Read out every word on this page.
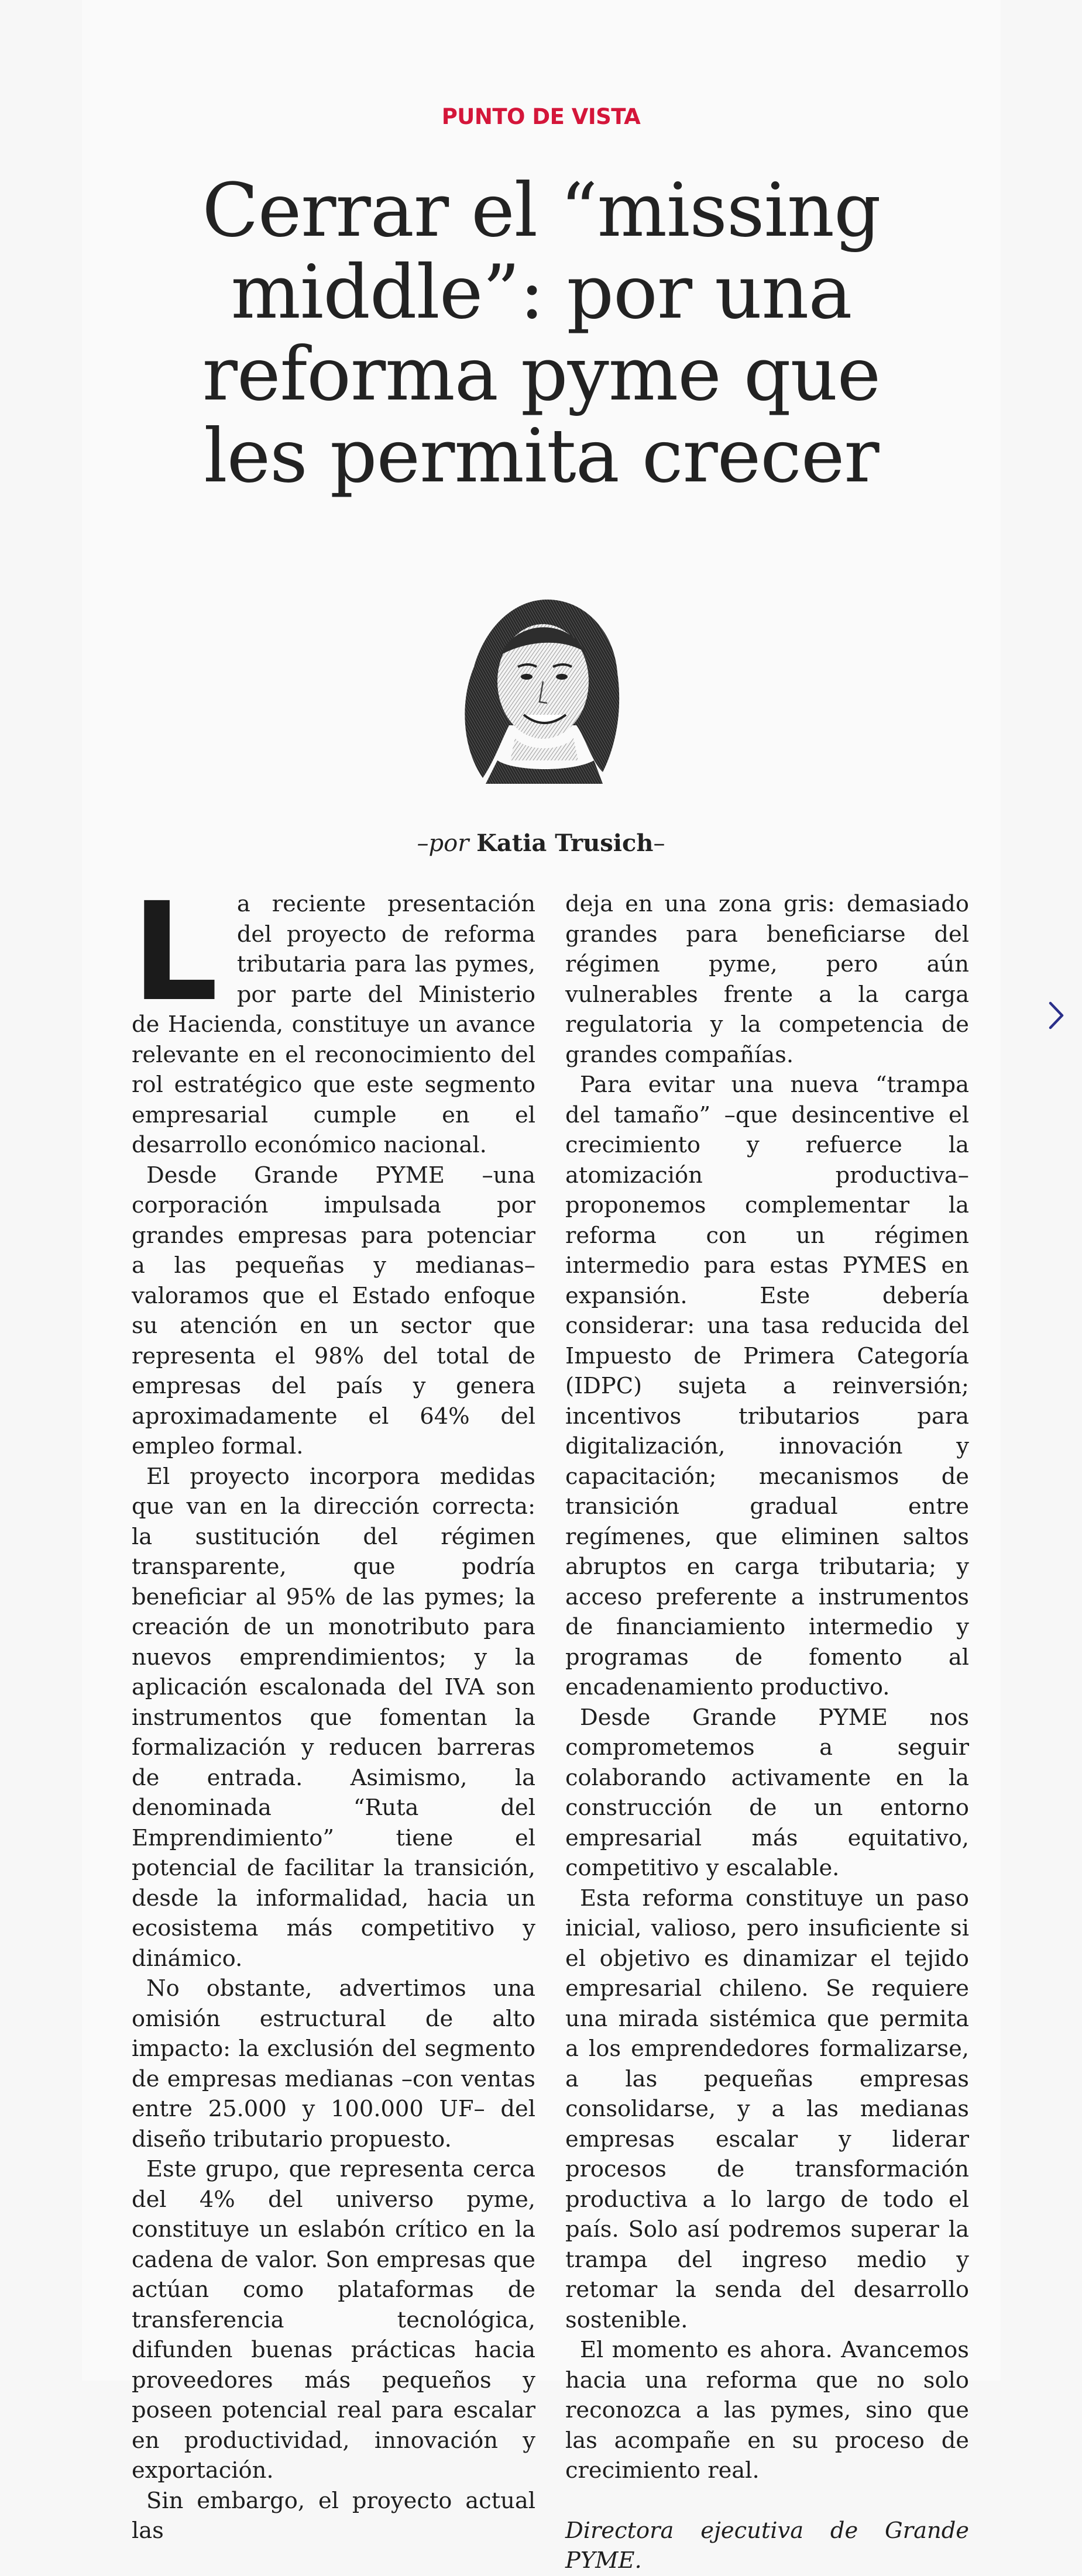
PUNTO DE VISTA
Cerrar el “missing middle”: por una reforma pyme que les permita crecer
–por Katia Trusich–

La reciente presentación del proyecto de reforma tributaria para las pymes, por parte del Ministerio de Hacienda, constituye un avance relevante en el reconocimiento del rol estratégico que este segmento empresarial cumple en el desarrollo económico nacional.

Desde Grande PYME –una corporación impulsada por grandes empresas para potenciar a las pequeñas y medianas– valoramos que el Estado enfoque su atención en un sector que representa el 98% del total de empresas del país y genera aproximadamente el 64% del empleo formal.

El proyecto incorpora medidas que van en la dirección correcta: la sustitución del régimen transparente, que podría beneficiar al 95% de las pymes; la creación de un monotributo para nuevos emprendimientos; y la aplicación escalonada del IVA son instrumentos que fomentan la formalización y reducen barreras de entrada. Asimismo, la denominada “Ruta del Emprendimiento” tiene el potencial de facilitar la transición, desde la informalidad, hacia un ecosistema más competitivo y dinámico.

No obstante, advertimos una omisión estructural de alto impacto: la exclusión del segmento de empresas medianas –con ventas entre 25.000 y 100.000 UF– del diseño tributario propuesto.

Este grupo, que representa cerca del 4% del universo pyme, constituye un eslabón crítico en la cadena de valor. Son empresas que actúan como plataformas de transferencia tecnológica, difunden buenas prácticas hacia proveedores más pequeños y poseen potencial real para escalar en productividad, innovación y exportación.

Sin embargo, el proyecto actual las

deja en una zona gris: demasiado grandes para beneficiarse del régimen pyme, pero aún vulnerables frente a la carga regulatoria y la competencia de grandes compañías.

Para evitar una nueva “trampa del tamaño” –que desincentive el crecimiento y refuerce la atomización productiva– proponemos complementar la reforma con un régimen intermedio para estas PYMES en expansión. Este debería considerar: una tasa reducida del Impuesto de Primera Categoría (IDPC) sujeta a reinversión; incentivos tributarios para digitalización, innovación y capacitación; mecanismos de transición gradual entre regímenes, que eliminen saltos abruptos en carga tributaria; y acceso preferente a instrumentos de financiamiento intermedio y programas de fomento al encadenamiento productivo.

Desde Grande PYME nos comprometemos a seguir colaborando activamente en la construcción de un entorno empresarial más equitativo, competitivo y escalable.

Esta reforma constituye un paso inicial, valioso, pero insuficiente si el objetivo es dinamizar el tejido empresarial chileno. Se requiere una mirada sistémica que permita a los emprendedores formalizarse, a las pequeñas empresas consolidarse, y a las medianas empresas escalar y liderar procesos de transformación productiva a lo largo de todo el país. Solo así podremos superar la trampa del ingreso medio y retomar la senda del desarrollo sostenible.

El momento es ahora. Avancemos hacia una reforma que no solo reconozca a las pymes, sino que las acompañe en su proceso de crecimiento real.

Directora ejecutiva de Grande PYME.
